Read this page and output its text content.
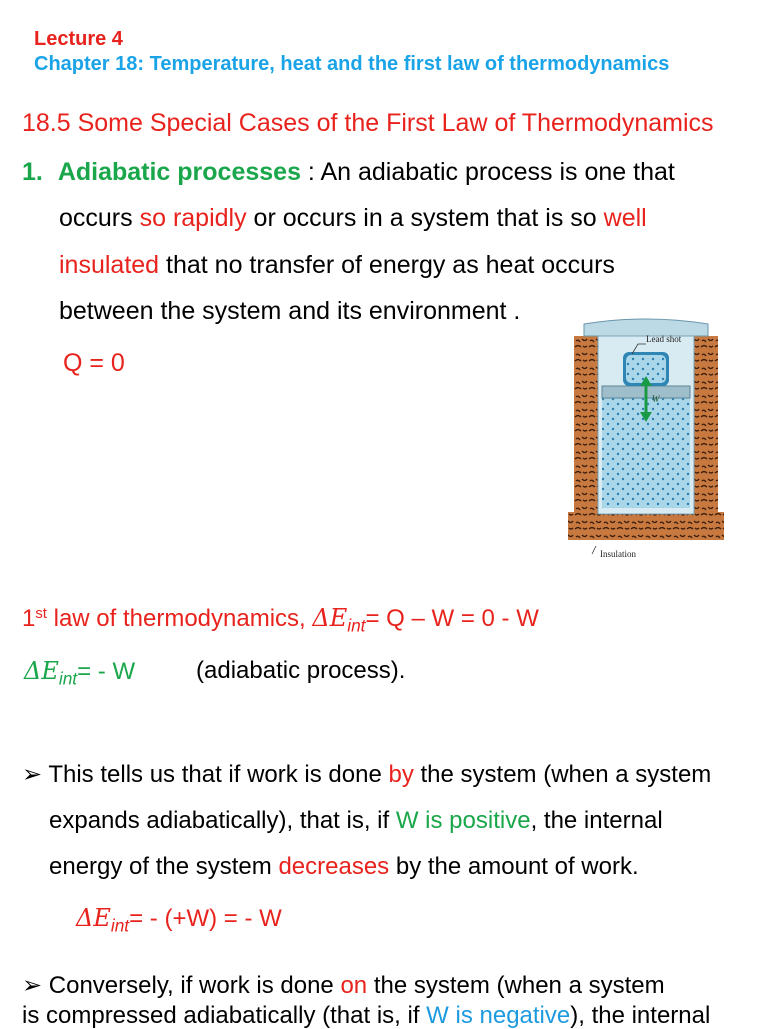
Lecture 4
Chapter 18: Temperature, heat and the first law of thermodynamics
18.5 Some Special Cases of the First Law of Thermodynamics
1. Adiabatic processes : An adiabatic process is one that
occurs so rapidly or occurs in a system that is so well
insulated that no transfer of energy as heat occurs
between the system and its environment .
Q = 0
Lead shot
W
Insulation
1st law of thermodynamics, $\Delta E_{int}= Q - W = 0 - W$
$\Delta E_{int}= - W$	(adiabatic process).
➢ This tells us that if work is done by the system (when a system
expands adiabatically), that is, if W is positive, the internal
energy of the system decreases by the amount of work.
$\Delta E_{int}= - (+W)$ = - W
➢ Conversely, if work is done on the system (when a system
is compressed adiabatically (that is, if W is negative), the internal
